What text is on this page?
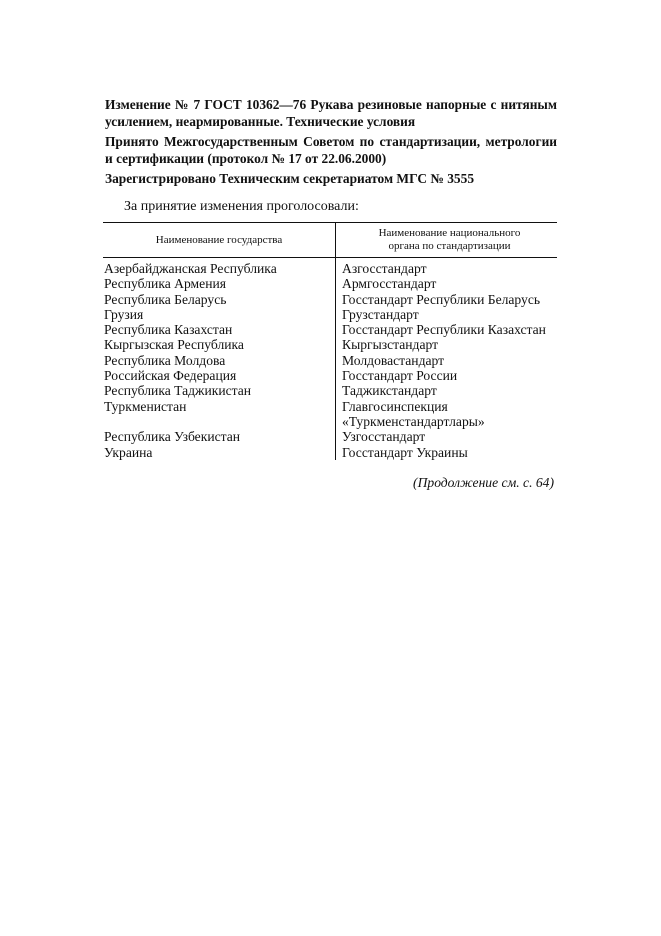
Изменение № 7 ГОСТ 10362—76 Рукава резиновые напорные с нитяным усилением, неармированные. Технические условия

Принято Межгосударственным Советом по стандартизации, метрологии и сертификации (протокол № 17 от 22.06.2000)

Зарегистрировано Техническим секретариатом МГС № 3555

За принятие изменения проголосовали:
Наименование государства	Наименование национального органа по стандартизации

Азербайджанская Республика	Азгосстандарт
Республика Армения	Армгосстандарт
Республика Беларусь	Госстандарт Республики Беларусь
Грузия	Грузстандарт
Республика Казахстан	Госстандарт Республики Казахстан
Кыргызская Республика	Кыргызстандарт
Республика Молдова	Молдовастандарт
Российская Федерация	Госстандарт России
Республика Таджикистан	Таджикстандарт
Туркменистан	Главгосинспекция «Туркменстандартлары»
Республика Узбекистан	Узгосстандарт
Украина	Госстандарт Украины
(Продолжение см. с. 64)
